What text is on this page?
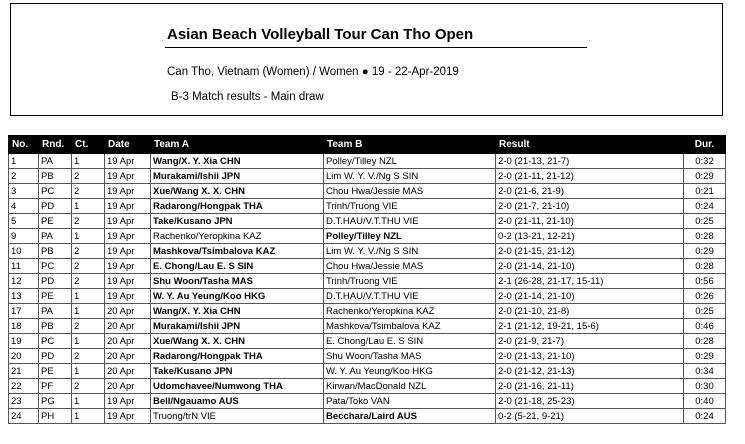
Asian Beach Volleyball Tour Can Tho Open
Can Tho, Vietnam (Women) / Women ● 19 - 22-Apr-2019
B-3 Match results - Main draw
No.	Rnd.	Ct.	Date	Team A	Team B	Result	Dur.
1	PA	1	19 Apr	Wang/X. Y. Xia CHN	Polley/Tilley NZL	2-0 (21-13, 21-7)	0:32
2	PB	2	19 Apr	Murakami/Ishii JPN	Lim W. Y. V./Ng S SIN	2-0 (21-11, 21-12)	0:29
3	PC	2	19 Apr	Xue/Wang X. X. CHN	Chou Hwa/Jessie MAS	2-0 (21-6, 21-9)	0:21
4	PD	1	19 Apr	Radarong/Hongpak THA	Trinh/Truong VIE	2-0 (21-7, 21-10)	0:24
5	PE	2	19 Apr	Take/Kusano JPN	D.T.HAU/V.T.THU VIE	2-0 (21-11, 21-10)	0:25
9	PA	1	19 Apr	Rachenko/Yeropkina KAZ	Polley/Tilley NZL	0-2 (13-21, 12-21)	0:28
10	PB	2	19 Apr	Mashkova/Tsimbalova KAZ	Lim W. Y. V./Ng S SIN	2-0 (21-15, 21-12)	0:29
11	PC	2	19 Apr	E. Chong/Lau E. S SIN	Chou Hwa/Jessie MAS	2-0 (21-14, 21-10)	0:28
12	PD	2	19 Apr	Shu Woon/Tasha MAS	Trinh/Truong VIE	2-1 (26-28, 21-17, 15-11)	0:56
13	PE	1	19 Apr	W. Y. Au Yeung/Koo HKG	D.T.HAU/V.T.THU VIE	2-0 (21-14, 21-10)	0:26
17	PA	1	20 Apr	Wang/X. Y. Xia CHN	Rachenko/Yeropkina KAZ	2-0 (21-10, 21-8)	0:25
18	PB	2	20 Apr	Murakami/Ishii JPN	Mashkova/Tsimbalova KAZ	2-1 (21-12, 19-21, 15-6)	0:46
19	PC	1	20 Apr	Xue/Wang X. X. CHN	E. Chong/Lau E. S SIN	2-0 (21-9, 21-7)	0:28
20	PD	2	20 Apr	Radarong/Hongpak THA	Shu Woon/Tasha MAS	2-0 (21-13, 21-10)	0:29
21	PE	1	20 Apr	Take/Kusano JPN	W. Y. Au Yeung/Koo HKG	2-0 (21-12, 21-13)	0:34
22	PF	2	20 Apr	Udomchavee/Numwong THA	Kirwan/MacDonald NZL	2-0 (21-16, 21-11)	0:30
23	PG	1	19 Apr	Bell/Ngauamo AUS	Pata/Toko VAN	2-0 (21-18, 25-23)	0:40
24	PH	1	19 Apr	Truong/trN VIE	Becchara/Laird AUS	0-2 (5-21, 9-21)	0:24
